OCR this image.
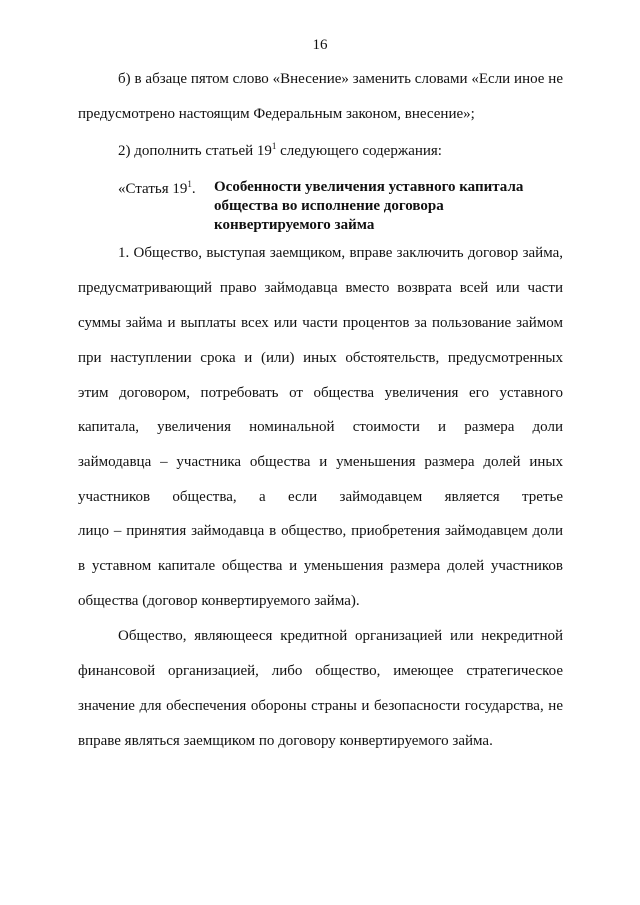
16
б) в абзаце пятом слово «Внесение» заменить словами «Если иное не
предусмотрено настоящим Федеральным законом, внесение»;
2) дополнить статьей $19^1$ следующего содержания:
«Статья $19^1$. Особенности увеличения уставного капитала
общества во исполнение договора
конвертируемого займа
1. Общество, выступая заемщиком, вправе заключить договор займа,
предусматривающий право займодавца вместо возврата всей или части
суммы займа и выплаты всех или части процентов за пользование займом
при наступлении срока и (или) иных обстоятельств, предусмотренных
этим договором, потребовать от общества увеличения его уставного
капитала, увеличения номинальной стоимости и размера доли
займодавца – участника общества и уменьшения размера долей иных
участников общества, а если займодавцем является третье
лицо – принятия займодавца в общество, приобретения займодавцем доли
в уставном капитале общества и уменьшения размера долей участников
общества (договор конвертируемого займа).
Общество, являющееся кредитной организацией или некредитной
финансовой организацией, либо общество, имеющее стратегическое
значение для обеспечения обороны страны и безопасности государства, не
вправе являться заемщиком по договору конвертируемого займа.
